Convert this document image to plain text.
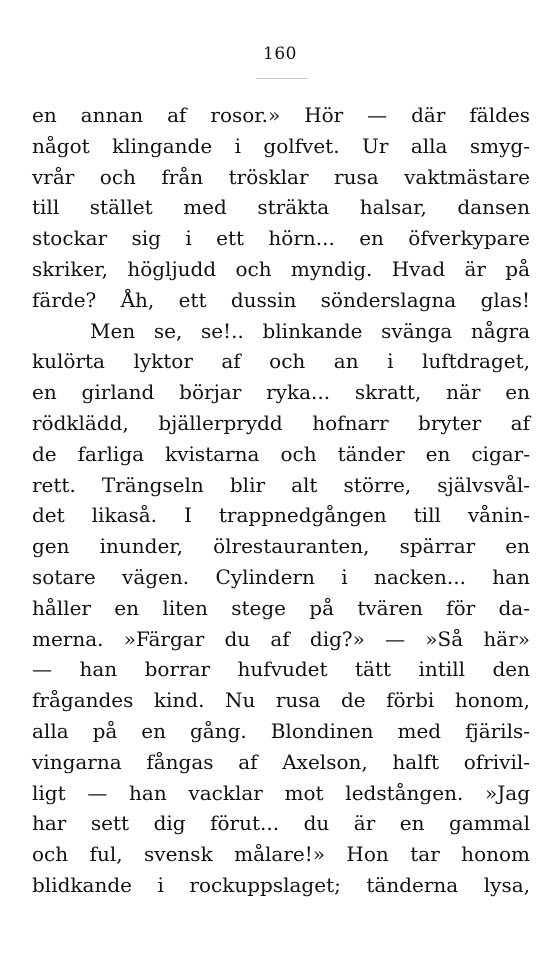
160
en annan af rosor.» Hör — där fäldes
något klingande i golfvet. Ur alla smyg-
vrår och från trösklar rusa vaktmästare
till stället med sträkta halsar, dansen
stockar sig i ett hörn... en öfverkypare
skriker, högljudd och myndig. Hvad är på
färde? Åh, ett dussin sönderslagna glas!
Men se, se!.. blinkande svänga några
kulörta lyktor af och an i luftdraget,
en girland börjar ryka... skratt, när en
rödklädd, bjällerprydd hofnarr bryter af
de farliga kvistarna och tänder en cigar-
rett. Trängseln blir alt större, självsvål-
det likaså. I trappnedgången till vånin-
gen inunder, ölrestauranten, spärrar en
sotare vägen. Cylindern i nacken... han
håller en liten stege på tvären för da-
merna. »Färgar du af dig?» — »Så här»
— han borrar hufvudet tätt intill den
frågandes kind. Nu rusa de förbi honom,
alla på en gång. Blondinen med fjärils-
vingarna fångas af Axelson, halft ofrivil-
ligt — han vacklar mot ledstången. »Jag
har sett dig förut... du är en gammal
och ful, svensk målare!» Hon tar honom
blidkande i rockuppslaget; tänderna lysa,
